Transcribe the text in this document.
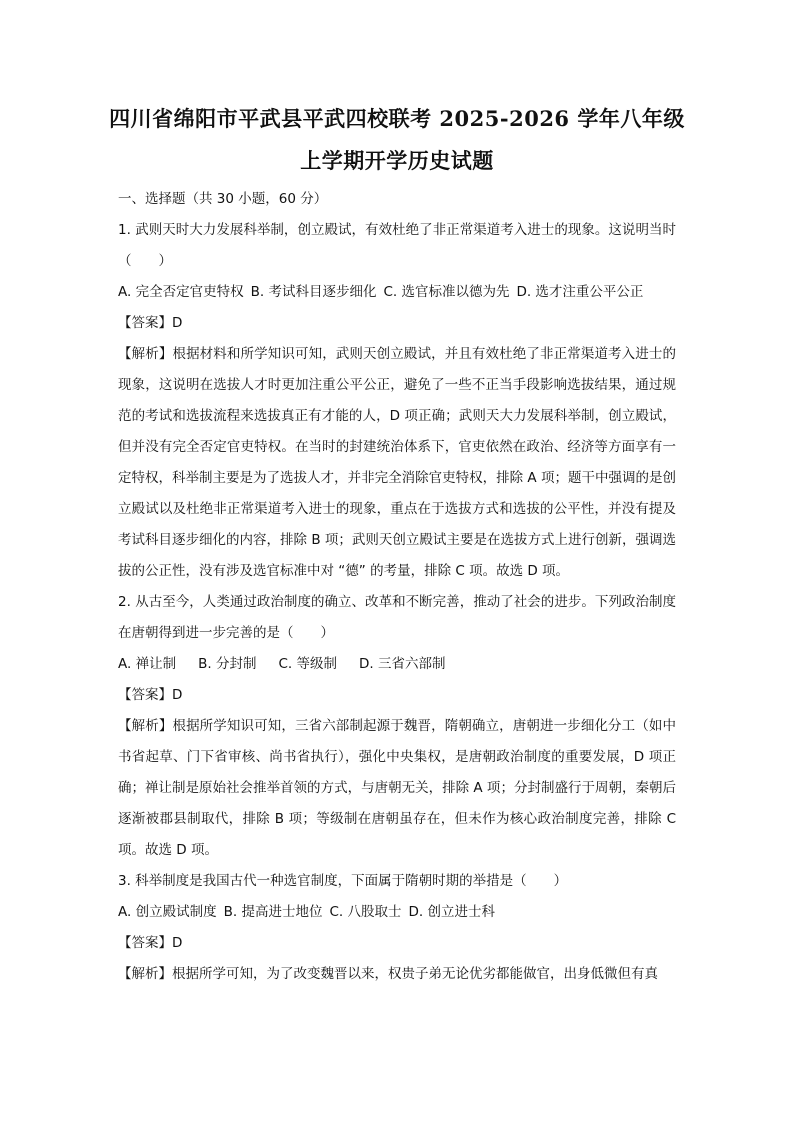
四川省绵阳市平武县平武四校联考 2025-2026 学年八年级
上学期开学历史试题

一、选择题（共 30 小题，60 分）

1. 武则天时大力发展科举制，创立殿试，有效杜绝了非正常渠道考入进士的现象。这说明当时（　　）

A. 完全否定官吏特权 B. 考试科目逐步细化 C. 选官标准以德为先 D. 选才注重公平公正

【答案】D

【解析】根据材料和所学知识可知，武则天创立殿试，并且有效杜绝了非正常渠道考入进士的现象，这说明在选拔人才时更加注重公平公正，避免了一些不正当手段影响选拔结果，通过规范的考试和选拔流程来选拔真正有才能的人，D 项正确；武则天大力发展科举制，创立殿试，但并没有完全否定官吏特权。在当时的封建统治体系下，官吏依然在政治、经济等方面享有一定特权，科举制主要是为了选拔人才，并非完全消除官吏特权，排除 A 项；题干中强调的是创立殿试以及杜绝非正常渠道考入进士的现象，重点在于选拔方式和选拔的公平性，并没有提及考试科目逐步细化的内容，排除 B 项；武则天创立殿试主要是在选拔方式上进行创新，强调选拔的公正性，没有涉及选官标准中对 “德” 的考量，排除 C 项。故选 D 项。

2. 从古至今，人类通过政治制度的确立、改革和不断完善，推动了社会的进步。下列政治制度在唐朝得到进一步完善的是（　　）

A. 禅让制 B. 分封制 C. 等级制 D. 三省六部制

【答案】D

【解析】根据所学知识可知，三省六部制起源于魏晋，隋朝确立，唐朝进一步细化分工（如中书省起草、门下省审核、尚书省执行），强化中央集权，是唐朝政治制度的重要发展，D 项正确；禅让制是原始社会推举首领的方式，与唐朝无关，排除 A 项；分封制盛行于周朝，秦朝后逐渐被郡县制取代，排除 B 项；等级制在唐朝虽存在，但未作为核心政治制度完善，排除 C 项。故选 D 项。

3. 科举制度是我国古代一种选官制度，下面属于隋朝时期的举措是（　　）

A. 创立殿试制度 B. 提高进士地位 C. 八股取士 D. 创立进士科

【答案】D

【解析】根据所学可知，为了改变魏晋以来，权贵子弟无论优劣都能做官，出身低微但有真
